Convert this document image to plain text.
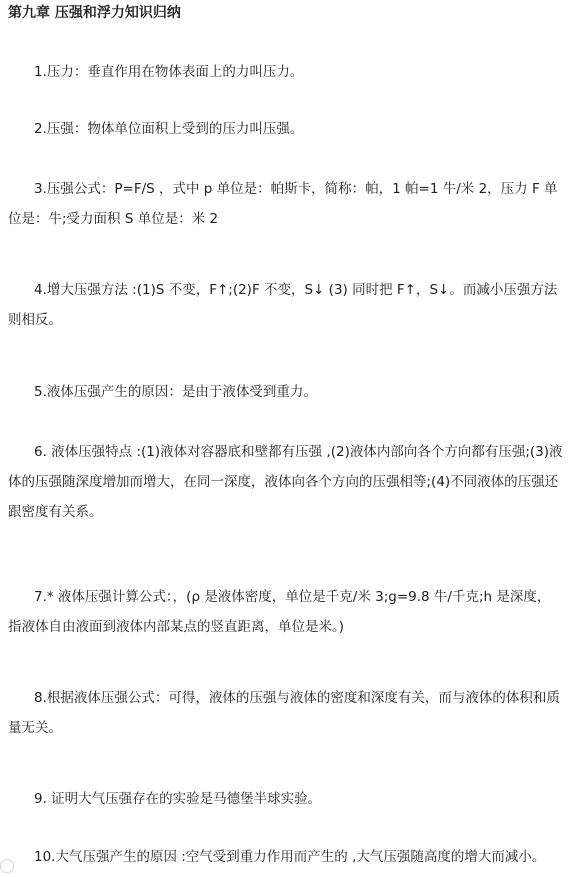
第九章 压强和浮力知识归纳
1.压力：垂直作用在物体表面上的力叫压力。
2.压强：物体单位面积上受到的压力叫压强。
3.压强公式：P=F/S ，式中 p 单位是：帕斯卡，简称：帕，1 帕=1 牛/米 2，压力 F 单位是：牛;受力面积 S 单位是：米 2
4.增大压强方法 :(1)S 不变，F↑;(2)F 不变，S↓ (3) 同时把 F↑，S↓。而减小压强方法则相反。
5.液体压强产生的原因：是由于液体受到重力。
6. 液体压强特点 :(1)液体对容器底和壁都有压强 ,(2)液体内部向各个方向都有压强;(3)液体的压强随深度增加而增大，在同一深度，液体向各个方向的压强相等;(4)不同液体的压强还跟密度有关系。
7.* 液体压强计算公式：，(ρ 是液体密度，单位是千克/米 3;g=9.8 牛/千克;h 是深度，指液体自由液面到液体内部某点的竖直距离，单位是米。)
8.根据液体压强公式：可得，液体的压强与液体的密度和深度有关，而与液体的体积和质量无关。
9. 证明大气压强存在的实验是马德堡半球实验。
10.大气压强产生的原因 :空气受到重力作用而产生的 ,大气压强随高度的增大而减小。
